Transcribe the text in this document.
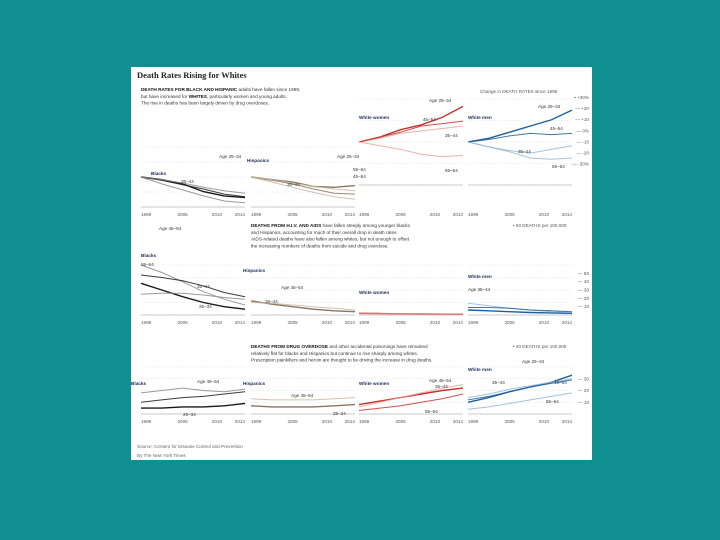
Death Rates Rising for Whites
Source: Centers for Disease Control and Prevention
By The New York Times
DEATH RATES FOR BLACK AND HISPANIC adults have fallen since 1999,
but have increased for WHITES, particularly women and young adults.
The rise in deaths has been largely driven by drug overdoses.
Change in DEATH RATES since 1999
• +30%
— +20
— +10
— 0%
— -10
— -20
— -30%
1999	2005	2010	2014
Age 25–34
Blacks
35–44
1999	2005	2010	2014
Hispanics
Age 25–34
55–64
45–54
35–44
1999	2005	2010	2014
White women
Age 25–34
45–54
35–44
55–64
1999	2005	2010	2014
White men
Age 25–34
45–54
35–44
55–64
DEATHS FROM H.I.V. AND AIDS have fallen steeply among younger blacks
and Hispanics, accounting for much of their overall drop in death rates.
AIDS-related deaths have also fallen among whites, but not enough to offset
the increasing numbers of deaths from suicide and drug overdose.
• 60 DEATHS per 100,000
— 50
— 40
— 30
— 20
— 10
1999	2005	2010	2014
Age 45–54
Blacks
55–64
35–44
25–34
1999	2005	2010	2014
Hispanics
Age 45–54
35–44
1999	2005	2010	2014
White women
1999	2005	2010	2014
White men
Age 35–44
DEATHS FROM DRUG OVERDOSE and other accidental poisonings have remained
relatively flat for blacks and Hispanics but continue to rise sharply among whites.
Prescription painkillers and heroin are thought to be driving the increase in drug deaths.
• 40 DEATHS per 100,000
— 30
— 20
— 10
1999	2005	2010	2014
Blacks	Age 45–54
25–34
1999	2005	2010	2014
Hispanics
Age 45–54
25–34
1999	2005	2010	2014
White women
Age 45–54
35–44
55–64
1999	2005	2010	2014
White men
Age 25–34
35–44	45–54
55–64
